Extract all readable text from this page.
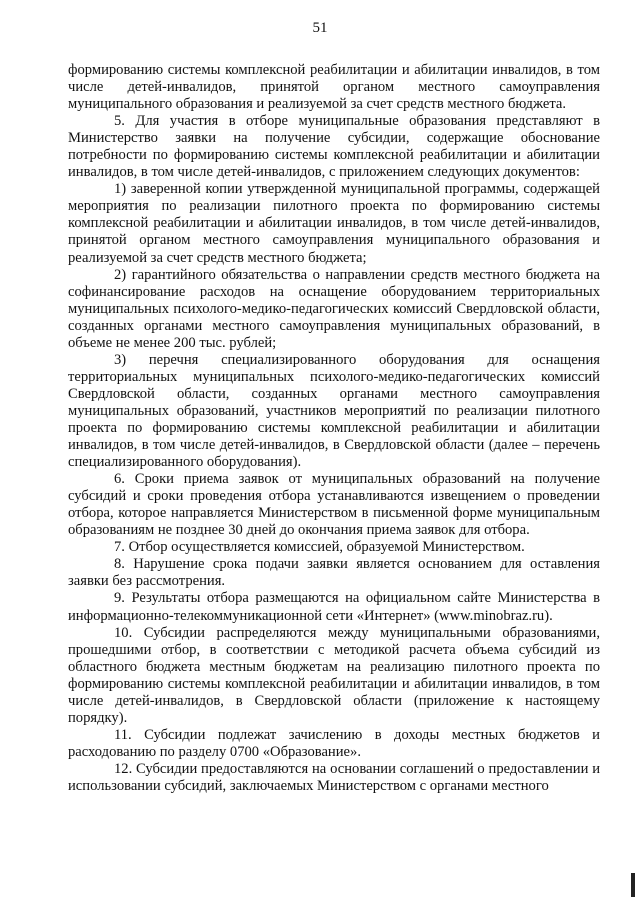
51

формированию системы комплексной реабилитации и абилитации инвалидов, в том числе детей-инвалидов, принятой органом местного самоуправления муниципального образования и реализуемой за счет средств местного бюджета.

5. Для участия в отборе муниципальные образования представляют в Министерство заявки на получение субсидии, содержащие обоснование потребности по формированию системы комплексной реабилитации и абилитации инвалидов, в том числе детей-инвалидов, с приложением следующих документов:

1) заверенной копии утвержденной муниципальной программы, содержащей мероприятия по реализации пилотного проекта по формированию системы комплексной реабилитации и абилитации инвалидов, в том числе детей-инвалидов, принятой органом местного самоуправления муниципального образования и реализуемой за счет средств местного бюджета;

2) гарантийного обязательства о направлении средств местного бюджета на софинансирование расходов на оснащение оборудованием территориальных муниципальных психолого-медико-педагогических комиссий Свердловской области, созданных органами местного самоуправления муниципальных образований, в объеме не менее 200 тыс. рублей;

3) перечня специализированного оборудования для оснащения территориальных муниципальных психолого-медико-педагогических комиссий Свердловской области, созданных органами местного самоуправления муниципальных образований, участников мероприятий по реализации пилотного проекта по формированию системы комплексной реабилитации и абилитации инвалидов, в том числе детей-инвалидов, в Свердловской области (далее – перечень специализированного оборудования).

6. Сроки приема заявок от муниципальных образований на получение субсидий и сроки проведения отбора устанавливаются извещением о проведении отбора, которое направляется Министерством в письменной форме муниципальным образованиям не позднее 30 дней до окончания приема заявок для отбора.

7. Отбор осуществляется комиссией, образуемой Министерством.

8. Нарушение срока подачи заявки является основанием для оставления заявки без рассмотрения.

9. Результаты отбора размещаются на официальном сайте Министерства в информационно-телекоммуникационной сети «Интернет» (www.minobraz.ru).

10. Субсидии распределяются между муниципальными образованиями, прошедшими отбор, в соответствии с методикой расчета объема субсидий из областного бюджета местным бюджетам на реализацию пилотного проекта по формированию системы комплексной реабилитации и абилитации инвалидов, в том числе детей-инвалидов, в Свердловской области (приложение к настоящему порядку).

11. Субсидии подлежат зачислению в доходы местных бюджетов и расходованию по разделу 0700 «Образование».

12. Субсидии предоставляются на основании соглашений о предоставлении и использовании субсидий, заключаемых Министерством с органами местного
